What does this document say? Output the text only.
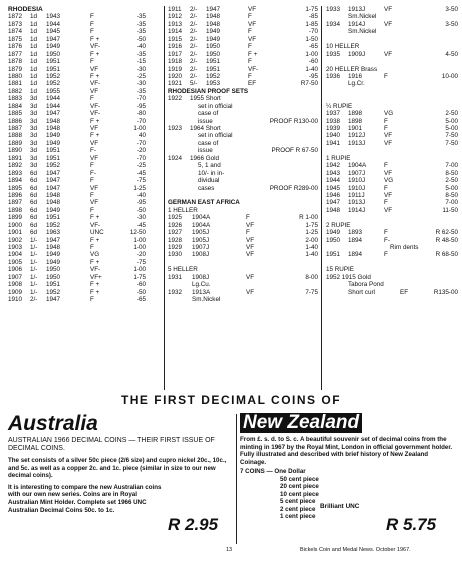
RHODESIA
1872 1d 1943	F	-35
1873 1d 1944	F	-35
1874 1d 1945	F	-35
1875 1d 1947	F +	-50
1876 1d 1949	VF-	-40
1877 1d 1950	F +	-35
1878 1d 1951	F	-15
1879 1d 1951	VF	-30
1880 1d 1952	F +	-25
1881 1d 1952	VF-	-30
1882 1d 1955	VF	-35
1883 3d 1944	F	-70
1884 3d 1944	VF-	-95
1885 3d 1947	VF-	-80
1886 3d 1948	F +	-70
1887 3d 1948	VF	1-00
1888 3d 1949	F +	40
1889 3d 1949	VF	-70
1890 3d 1951	F-	-20
1891 3d 1951	VF	-70
1892 3d 1952	F	-25
1893 6d 1947	F-	-45
1894 6d 1947	F	-75
1895 6d 1947	VF	1-25
1896 6d 1948	F	-40
1897 6d 1948	VF	-95
1898 6d 1949	F	-50
1899 6d 1951	F +	-30
1900 6d 1952	VF-	-45
1901 6d 1963	UNC	12-50
1902 1/- 1947	F +	1-00
1903 1/- 1948	F	1-00
1904 1/- 1949	VG	-20
1905 1/- 1949	F +	-75
1906 1/- 1950	VF-	1-00
1907 1/- 1950	VF+	1-75
1908 1/- 1951	F +	-60
1909 1/- 1952	F +	-50
1910 2/- 1947	F	-65
1911 2/- 1947	VF	1-75
1912 2/- 1948	F	-85
1913 2/- 1948	VF	1-85
1914 2/- 1949	F	-70
1915 2/- 1949	VF	1-50
1916 2/- 1950	F	-65
1917 2/- 1950	F +	1-00
1918 2/- 1951	F	-60
1919 2/- 1951	VF-	1-40
1920 2/- 1952	F	-95
1921 5/- 1953	EF	R7-50
RHODESIAN PROOF SETS
1922 1955 Short
set in official
case of
issue	PROOF R130-00
1923 1964 Short
set in official
case of
issue	PROOF R 67-50
1924 1966 Gold
5, 1 and
10/- in in-
dividual
cases	PROOF R289-00
GERMAN EAST AFRICA
1 HELLER
1925 1904A	F	R 1-00
1926 1904A	VF	1-75
1927 1905J	F	1-25
1928 1905J	VF	2-00
1929 1907J	VF	1-40
1930 1908J	VF	1-40
5 HELLER
1931 1908J	VF	8-00
Lg.Cu.
1932 1913A	VF	7-75
Sm.Nickel
1933 1913J	VF	3-50
Sm.Nickel
1934 1914J	VF	3-50
Sm.Nickel
10 HELLER
1935 1909J	VF	4-50
20 HELLER Brass
1936 1916	F	10-00
Lg.Cr.
¼ RUPIE
1937 1898	VG	2-50
1938 1898	F	5-00
1939 1901	F	5-00
1940 1912J	VF	7-50
1941 1913J	VF	7-50
1 RUPIE
1942 1904A	F	7-00
1943 1907J	VF	8-50
1944 1910J	VG	2-50
1945 1910J	F	5-00
1946 1911J	VF	8-50
1947 1913J	F	7-00
1948 1914J	VF	11-50
2 RUPIE
1949 1893	F	R 62-50
1950 1894	F-	R 48-50
Rim dents
1951 1894	F	R 68-50
15 RUPIE
1952 1915 Gold
Tabora Pond
Short curl	EF	R135-00
THE FIRST DECIMAL COINS OF
Australia
AUSTRALIAN 1966 DECIMAL COINS — THEIR FIRST ISSUE OF DECIMAL COINS.
The set consists of a silver 50c piece (2/6 size) and cupro nickel 20c., 10c., and 5c. as well as a copper 2c. and 1c. piece (similar in size to our new decimal coins).
It is interesting to compare the new Australian coins with our own new series. Coins are in Royal Australian Mint Holder. Complete set 1966 UNC Australian Decimal Coins 50c. to 1c.
R 2.95
New Zealand
From £. s. d. to S. c. A beautiful souvenir set of decimal coins from the minting in 1967 by the Royal Mint, London in official government holder. Fully illustrated and described with brief history of New Zealand Coinage.
7 COINS — One Dollar
50 cent piece
20 cent piece
10 cent piece
5 cent piece
2 cent piece
1 cent piece
Brilliant UNC
R 5.75
13	Bickels Coin and Medal News. October 1967.
